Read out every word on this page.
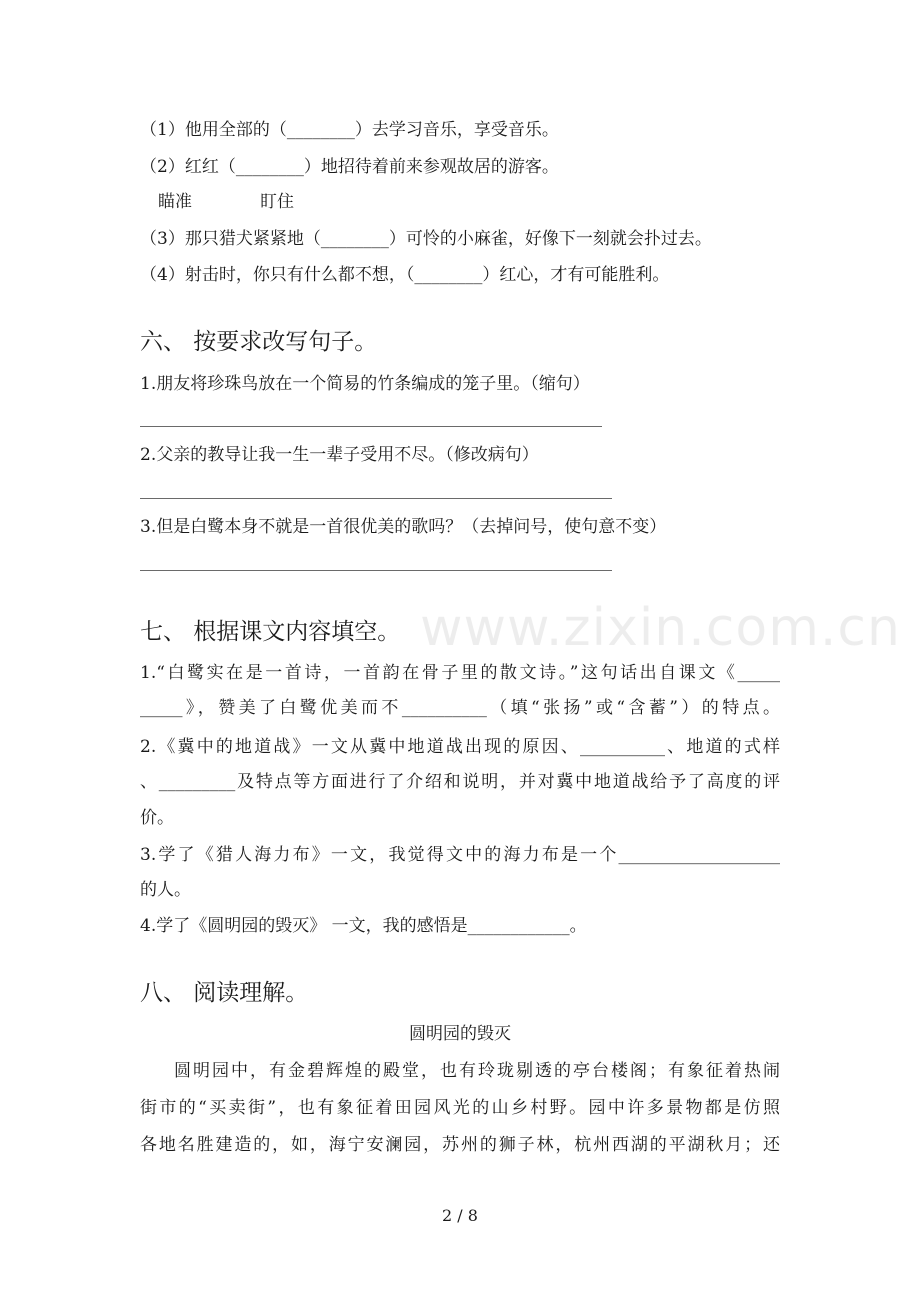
www.zixin.com.cn
（1）他用全部的（________）去学习音乐，享受音乐。
（2）红红（________）地招待着前来参观故居的游客。
瞄准	盯住
（3）那只猎犬紧紧地（________）可怜的小麻雀，好像下一刻就会扑过去。
（4）射击时，你只有什么都不想，（________）红心，才有可能胜利。
六、 按要求改写句子。
1.朋友将珍珠鸟放在一个简易的竹条编成的笼子里。（缩句）
2.父亲的教导让我一生一辈子受用不尽。（修改病句）
3.但是白鹭本身不就是一首很优美的歌吗？（去掉问号，使句意不变）
七、 根据课文内容填空。
1.“白鹭实在是一首诗，一首韵在骨子里的散文诗。”这句话出自课文《_____
_____》，赞美了白鹭优美而不__________（填“张扬”或“含蓄”）的特点。
2.《冀中的地道战》一文从冀中地道战出现的原因、__________、地道的式样
、_________及特点等方面进行了介绍和说明，并对冀中地道战给予了高度的评
价。
3.学了《猎人海力布》一文，我觉得文中的海力布是一个___________________
的人。
4.学了《圆明园的毁灭》 一文，我的感悟是____________。
八、 阅读理解。
圆明园的毁灭
圆明园中，有金碧辉煌的殿堂，也有玲珑剔透的亭台楼阁；有象征着热闹
街市的“买卖街”，也有象征着田园风光的山乡村野。园中许多景物都是仿照
各地名胜建造的，如，海宁安澜园，苏州的狮子林，杭州西湖的平湖秋月；还
2 / 8
